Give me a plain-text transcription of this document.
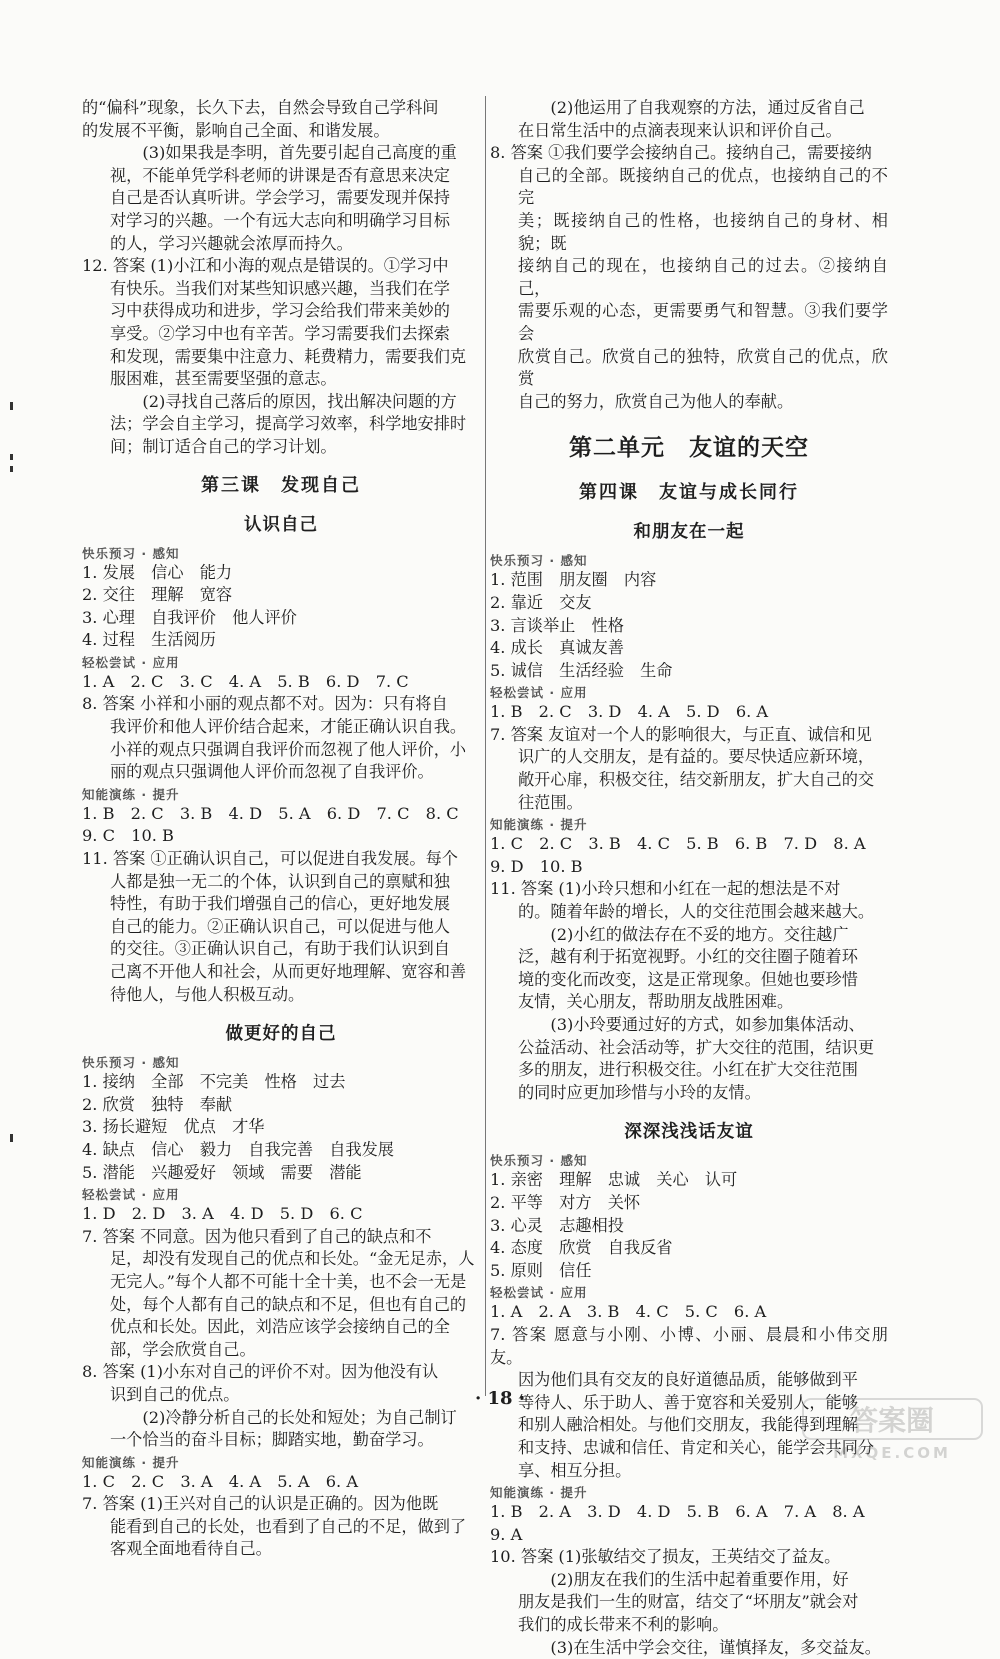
的“偏科”现象，长久下去，自然会导致自己学科间

的发展不平衡，影响自己全面、和谐发展。

(3)如果我是李明，首先要引起自己高度的重

视，不能单凭学科老师的讲课是否有意思来决定

自己是否认真听讲。学会学习，需要发现并保持

对学习的兴趣。一个有远大志向和明确学习目标

的人，学习兴趣就会浓厚而持久。

12. 答案 (1)小江和小海的观点是错误的。①学习中

有快乐。当我们对某些知识感兴趣，当我们在学

习中获得成功和进步，学习会给我们带来美妙的

享受。②学习中也有辛苦。学习需要我们去探索

和发现，需要集中注意力、耗费精力，需要我们克

服困难，甚至需要坚强的意志。

(2)寻找自己落后的原因，找出解决问题的方

法；学会自主学习，提高学习效率，科学地安排时

间；制订适合自己的学习计划。

第三课　发现自己
认识自己
快乐预习 · 感知

1. 发展　信心　能力

2. 交往　理解　宽容

3. 心理　自我评价　他人评价

4. 过程　生活阅历

轻松尝试 · 应用

1. A　2. C　3. C　4. A　5. B　6. D　7. C

8. 答案 小祥和小丽的观点都不对。因为：只有将自

我评价和他人评价结合起来，才能正确认识自我。

小祥的观点只强调自我评价而忽视了他人评价，小

丽的观点只强调他人评价而忽视了自我评价。

知能演练 · 提升

1. B　2. C　3. B　4. D　5. A　6. D　7. C　8. C

9. C　10. B

11. 答案 ①正确认识自己，可以促进自我发展。每个

人都是独一无二的个体，认识到自己的禀赋和独

特性，有助于我们增强自己的信心，更好地发展

自己的能力。②正确认识自己，可以促进与他人

的交往。③正确认识自己，有助于我们认识到自

己离不开他人和社会，从而更好地理解、宽容和善

待他人，与他人积极互动。

做更好的自己
快乐预习 · 感知

1. 接纳　全部　不完美　性格　过去

2. 欣赏　独特　奉献

3. 扬长避短　优点　才华

4. 缺点　信心　毅力　自我完善　自我发展

5. 潜能　兴趣爱好　领域　需要　潜能

轻松尝试 · 应用

1. D　2. D　3. A　4. D　5. D　6. C

7. 答案 不同意。因为他只看到了自己的缺点和不

足，却没有发现自己的优点和长处。“金无足赤，人

无完人。”每个人都不可能十全十美，也不会一无是

处，每个人都有自己的缺点和不足，但也有自己的

优点和长处。因此，刘浩应该学会接纳自己的全

部，学会欣赏自己。

8. 答案 (1)小东对自己的评价不对。因为他没有认

识到自己的优点。

(2)冷静分析自己的长处和短处；为自己制订

一个恰当的奋斗目标；脚踏实地，勤奋学习。

知能演练 · 提升

1. C　2. C　3. A　4. A　5. A　6. A

7. 答案 (1)王兴对自己的认识是正确的。因为他既

能看到自己的长处，也看到了自己的不足，做到了

客观全面地看待自己。

(2)他运用了自我观察的方法，通过反省自己

在日常生活中的点滴表现来认识和评价自己。

8. 答案 ①我们要学会接纳自己。接纳自己，需要接纳

自己的全部。既接纳自己的优点，也接纳自己的不完

美；既接纳自己的性格，也接纳自己的身材、相貌；既

接纳自己的现在，也接纳自己的过去。②接纳自己，

需要乐观的心态，更需要勇气和智慧。③我们要学会

欣赏自己。欣赏自己的独特，欣赏自己的优点，欣赏

自己的努力，欣赏自己为他人的奉献。

第二单元　友谊的天空
第四课　友谊与成长同行
和朋友在一起
快乐预习 · 感知

1. 范围　朋友圈　内容

2. 靠近　交友

3. 言谈举止　性格

4. 成长　真诚友善

5. 诚信　生活经验　生命

轻松尝试 · 应用

1. B　2. C　3. D　4. A　5. D　6. A

7. 答案 友谊对一个人的影响很大，与正直、诚信和见

识广的人交朋友，是有益的。要尽快适应新环境，

敞开心扉，积极交往，结交新朋友，扩大自己的交

往范围。

知能演练 · 提升

1. C　2. C　3. B　4. C　5. B　6. B　7. D　8. A

9. D　10. B

11. 答案 (1)小玲只想和小红在一起的想法是不对

的。随着年龄的增长，人的交往范围会越来越大。

(2)小红的做法存在不妥的地方。交往越广

泛，越有利于拓宽视野。小红的交往圈子随着环

境的变化而改变，这是正常现象。但她也要珍惜

友情，关心朋友，帮助朋友战胜困难。

(3)小玲要通过好的方式，如参加集体活动、

公益活动、社会活动等，扩大交往的范围，结识更

多的朋友，进行积极交往。小红在扩大交往范围

的同时应更加珍惜与小玲的友情。

深深浅浅话友谊
快乐预习 · 感知

1. 亲密　理解　忠诚　关心　认可

2. 平等　对方　关怀

3. 心灵　志趣相投

4. 态度　欣赏　自我反省

5. 原则　信任

轻松尝试 · 应用

1. A　2. A　3. B　4. C　5. C　6. A

7. 答案 愿意与小刚、小博、小丽、晨晨和小伟交朋友。

因为他们具有交友的良好道德品质，能够做到平

等待人、乐于助人、善于宽容和关爱别人，能够

和别人融洽相处。与他们交朋友，我能得到理解

和支持、忠诚和信任、肯定和关心，能学会共同分

享、相互分担。

知能演练 · 提升

1. B　2. A　3. D　4. D　5. B　6. A　7. A　8. A

9. A

10. 答案 (1)张敏结交了损友，王英结交了益友。

(2)朋友在我们的生活中起着重要作用，好

朋友是我们一生的财富，结交了“坏朋友”就会对

我们的成长带来不利的影响。

(3)在生活中学会交往，谨慎择友，多交益友。

· 18 ·
答案圈
MXQE.COM
